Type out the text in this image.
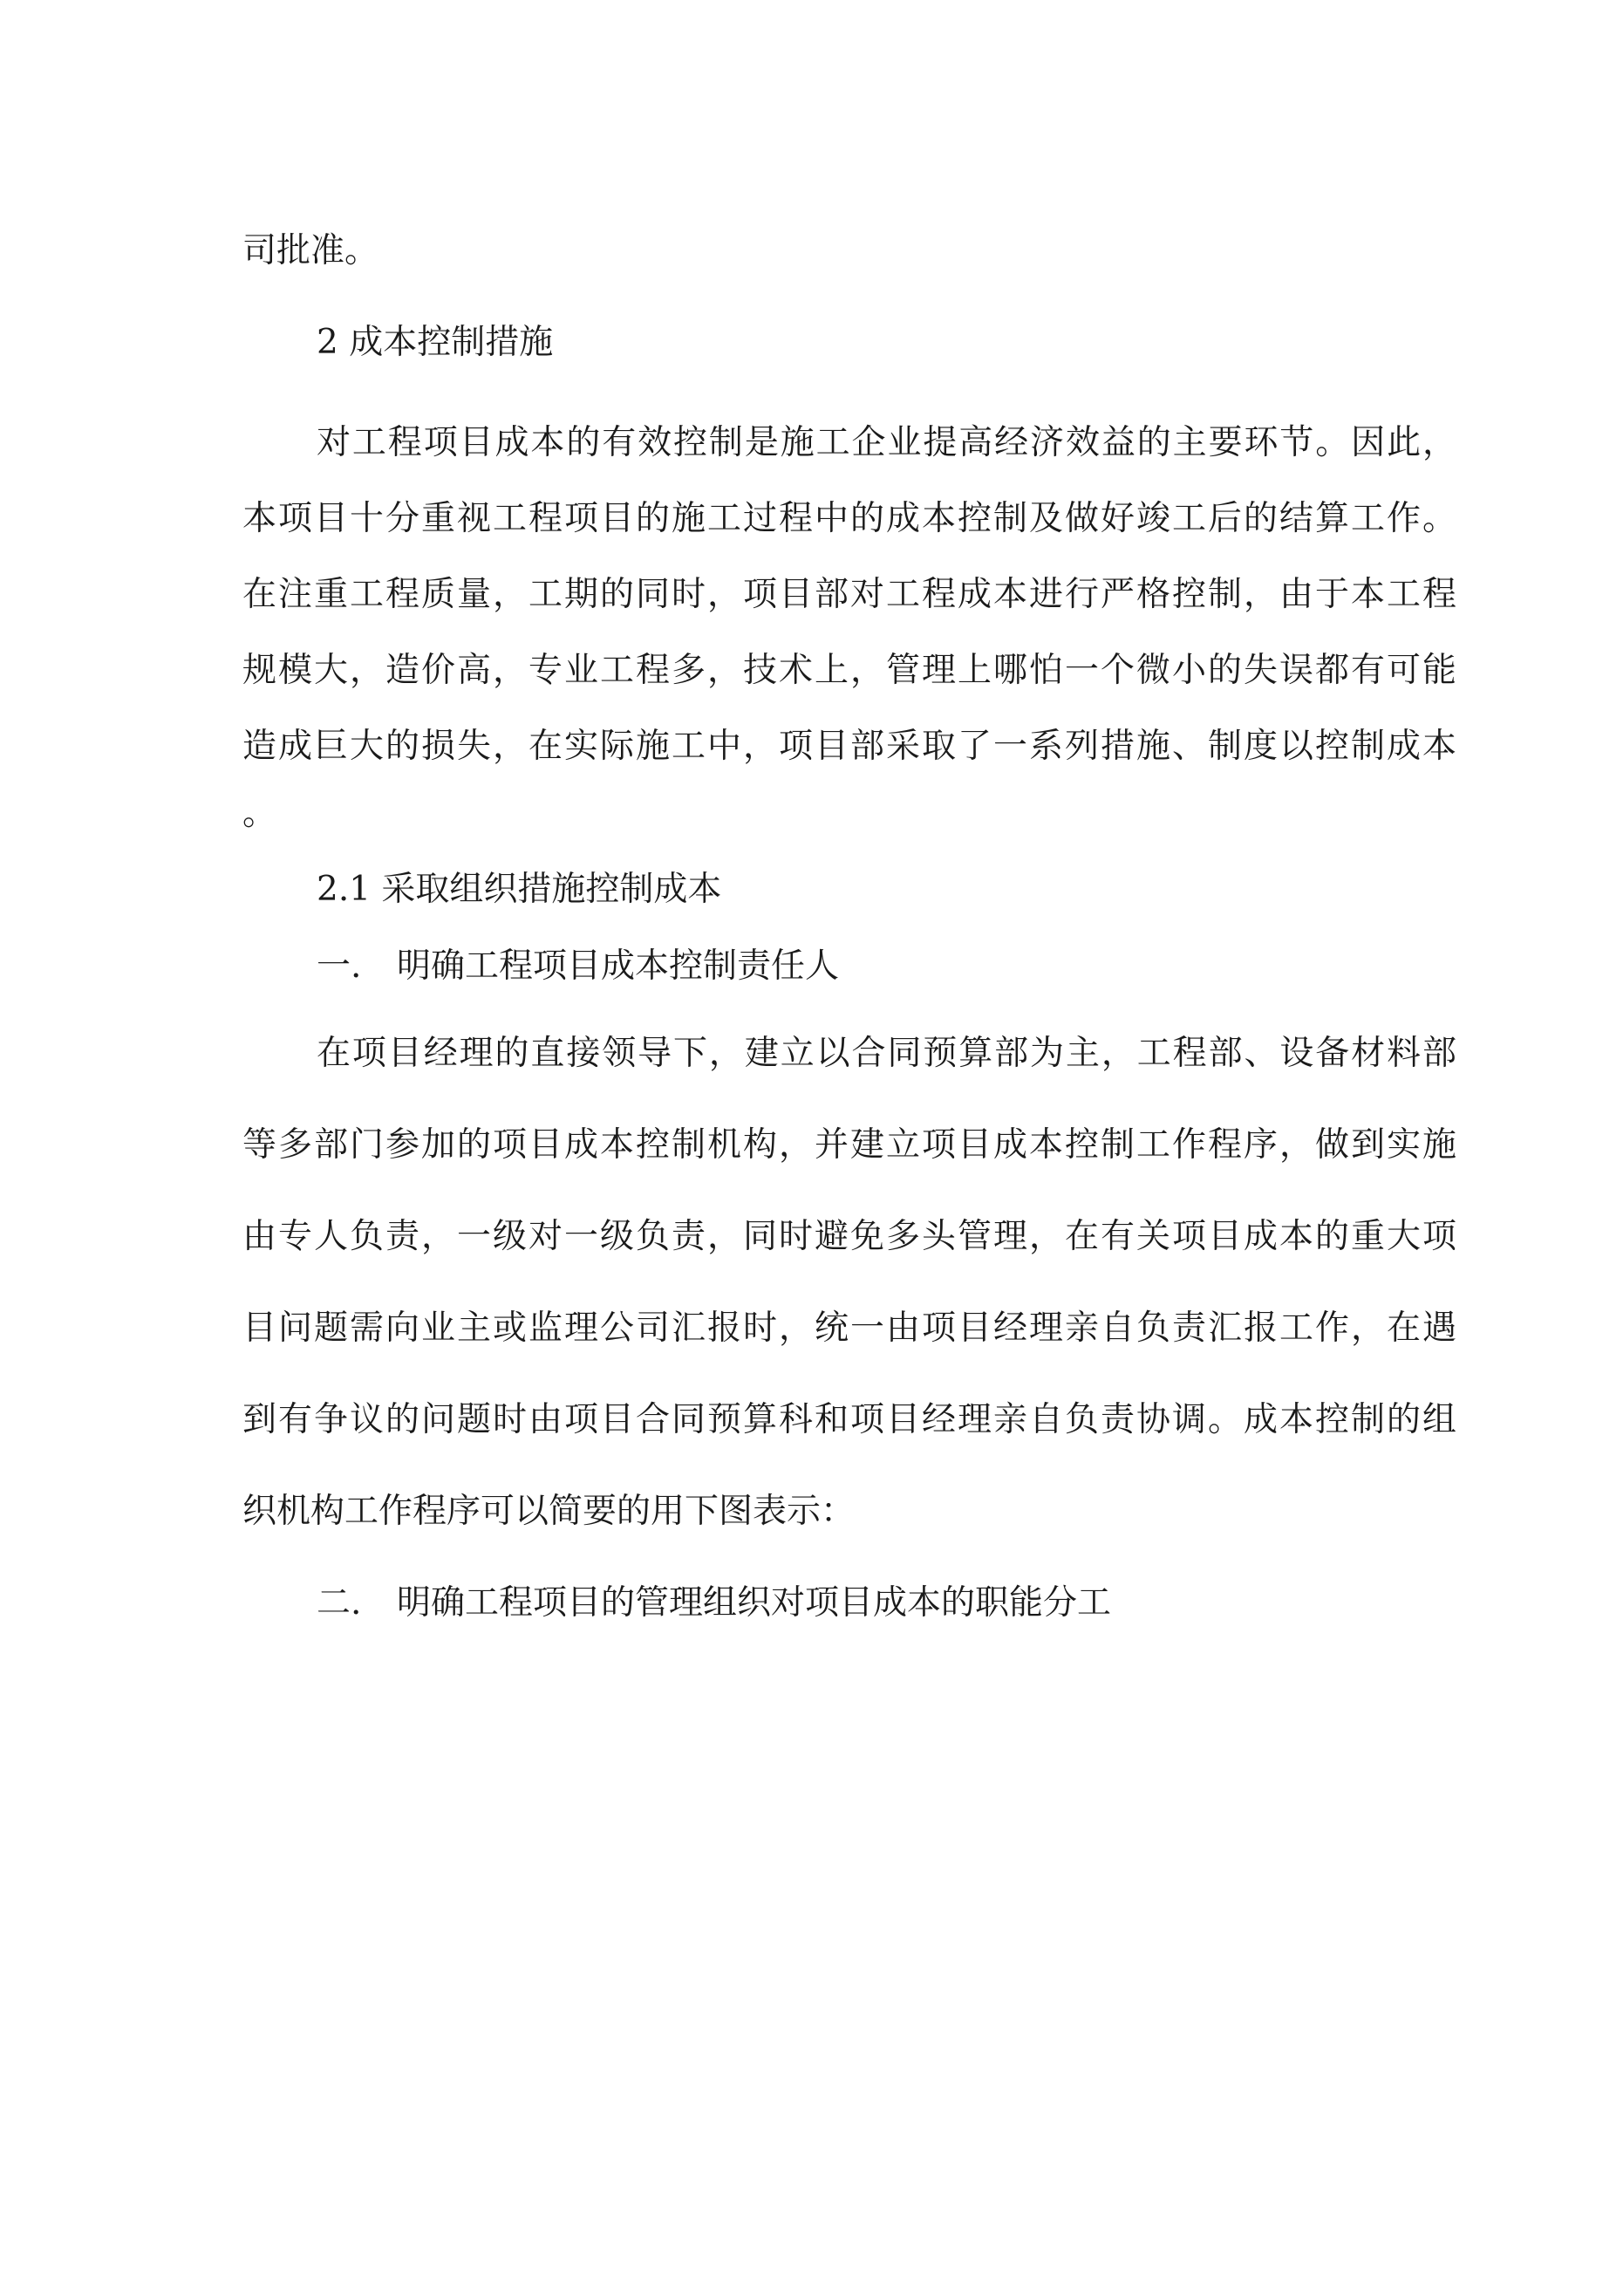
司批准。
2 成本控制措施
对工程项目成本的有效控制是施工企业提高经济效益的主要环节。因此，
本项目十分重视工程项目的施工过程中的成本控制及做好竣工后的结算工作。
在注重工程质量，工期的同时，项目部对工程成本进行严格控制，由于本工程
规模大，造价高，专业工程多，技术上，管理上哪怕一个微小的失误都有可能
造成巨大的损失，在实际施工中，项目部采取了一系列措施、制度以控制成本
。
2.1 采取组织措施控制成本
一. 明确工程项目成本控制责任人
在项目经理的直接领导下，建立以合同预算部为主，工程部、设备材料部
等多部门参加的项目成本控制机构，并建立项目成本控制工作程序，做到实施
由专人负责，一级对一级负责，同时避免多头管理，在有关项目成本的重大项
目问题需向业主或监理公司汇报时，统一由项目经理亲自负责汇报工作，在遇
到有争议的问题时由项目合同预算科和项目经理亲自负责协调。成本控制的组
织机构工作程序可以简要的用下图表示：
二. 明确工程项目的管理组织对项目成本的职能分工
